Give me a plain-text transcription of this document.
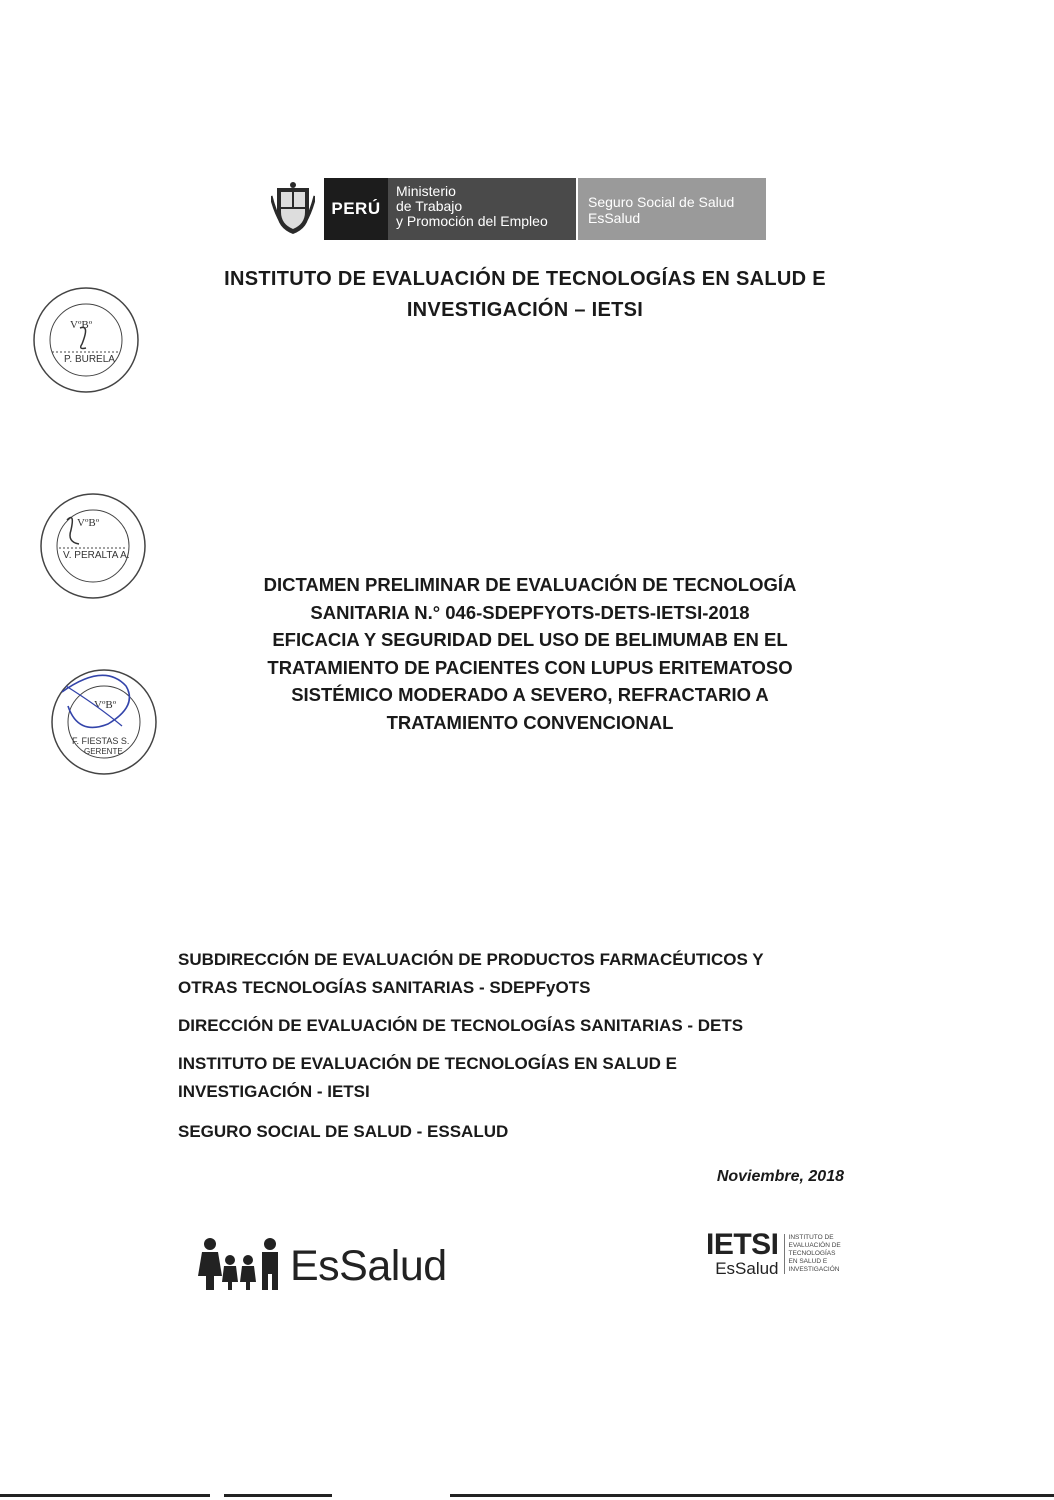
PERÚ
Ministerio
de Trabajo
y Promoción del Empleo
Seguro Social de Salud
EsSalud
INSTITUTO DE EVALUACIÓN DE TECNOLOGÍAS EN SALUD E
INVESTIGACIÓN – IETSI
VºBº
P. BURELA
VºBº
V. PERALTA A.
VºBº
F. FIESTAS S.
GERENTE
DICTAMEN PRELIMINAR DE EVALUACIÓN DE TECNOLOGÍA
SANITARIA N.° 046-SDEPFYOTS-DETS-IETSI-2018
EFICACIA Y SEGURIDAD DEL USO DE BELIMUMAB EN EL
TRATAMIENTO DE PACIENTES CON LUPUS ERITEMATOSO
SISTÉMICO MODERADO A SEVERO, REFRACTARIO A
TRATAMIENTO CONVENCIONAL

SUBDIRECCIÓN DE EVALUACIÓN DE PRODUCTOS FARMACÉUTICOS Y

OTRAS TECNOLOGÍAS SANITARIAS - SDEPFyOTS

DIRECCIÓN DE EVALUACIÓN DE TECNOLOGÍAS SANITARIAS - DETS

INSTITUTO DE EVALUACIÓN DE TECNOLOGÍAS EN SALUD E

INVESTIGACIÓN - IETSI

SEGURO SOCIAL DE SALUD - ESSALUD

Noviembre, 2018
EsSalud	IETSI
EsSalud
INSTITUTO DE EVALUACIÓN DE TECNOLOGÍAS EN SALUD E INVESTIGACIÓN
